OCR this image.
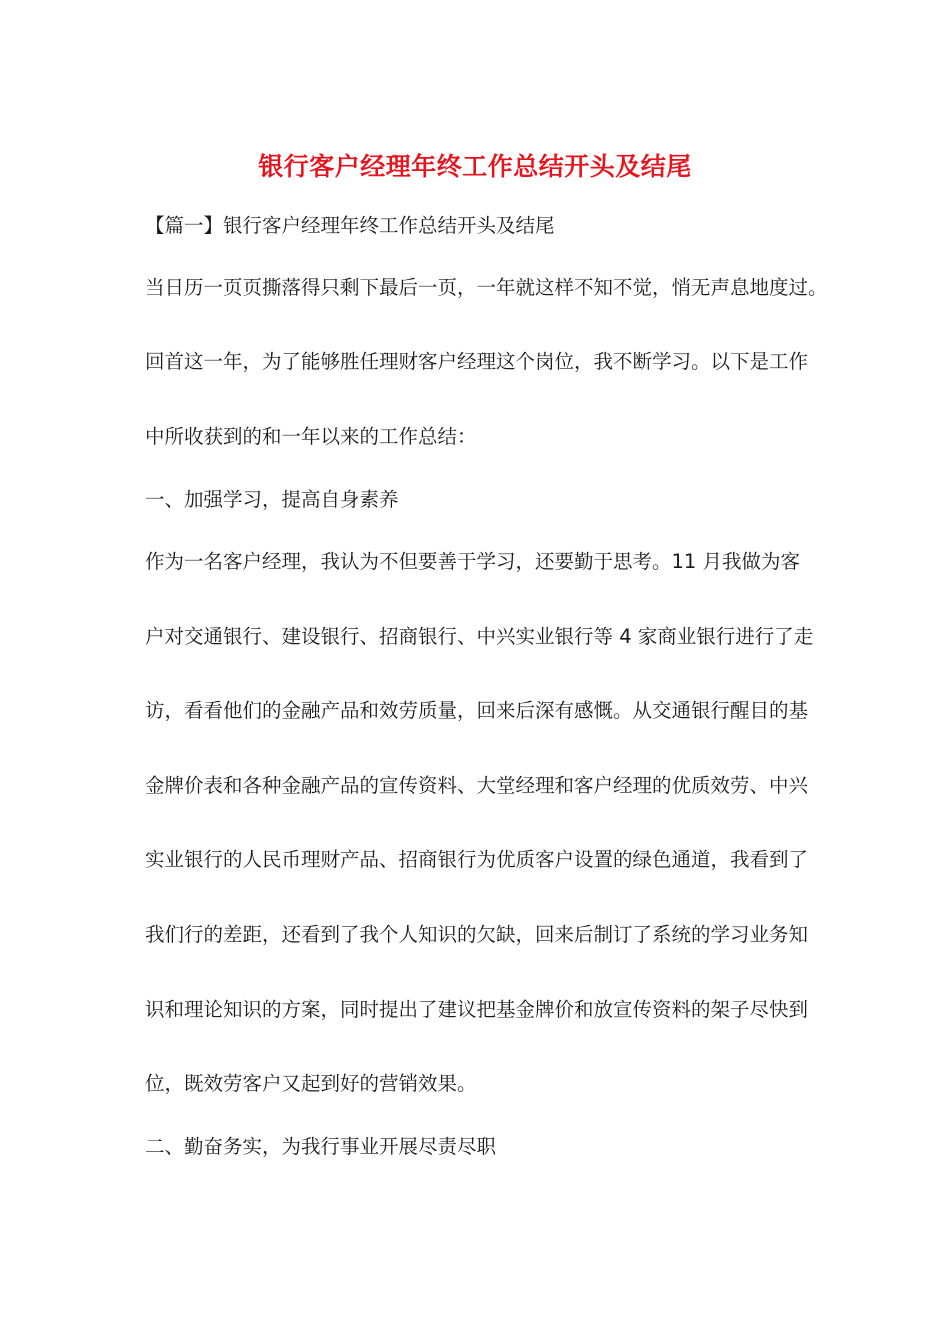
银行客户经理年终工作总结开头及结尾
【篇一】银行客户经理年终工作总结开头及结尾
当日历一页页撕落得只剩下最后一页，一年就这样不知不觉，悄无声息地度过。
回首这一年，为了能够胜任理财客户经理这个岗位，我不断学习。以下是工作
中所收获到的和一年以来的工作总结：
一、加强学习，提高自身素养
作为一名客户经理，我认为不但要善于学习，还要勤于思考。11 月我做为客
户对交通银行、建设银行、招商银行、中兴实业银行等 4 家商业银行进行了走
访，看看他们的金融产品和效劳质量，回来后深有感慨。从交通银行醒目的基
金牌价表和各种金融产品的宣传资料、大堂经理和客户经理的优质效劳、中兴
实业银行的人民币理财产品、招商银行为优质客户设置的绿色通道，我看到了
我们行的差距，还看到了我个人知识的欠缺，回来后制订了系统的学习业务知
识和理论知识的方案，同时提出了建议把基金牌价和放宣传资料的架子尽快到
位，既效劳客户又起到好的营销效果。
二、勤奋务实，为我行事业开展尽责尽职
